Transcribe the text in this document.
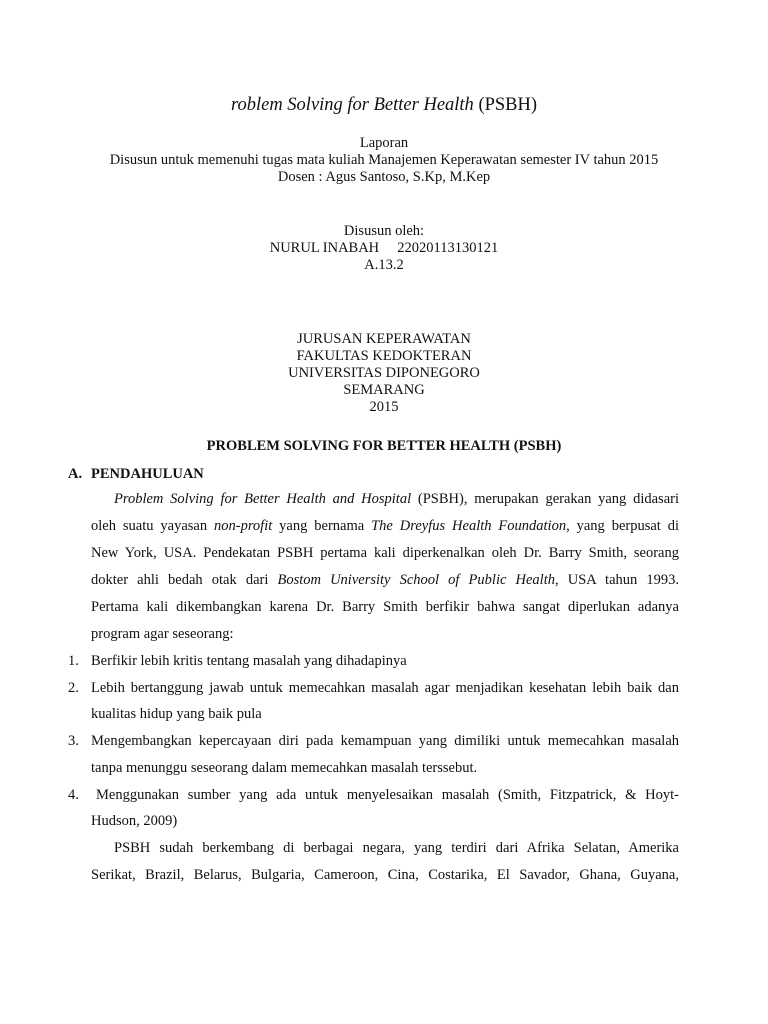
roblem Solving for Better Health (PSBH)
Laporan
Disusun untuk memenuhi tugas mata kuliah Manajemen Keperawatan semester IV tahun 2015
Dosen : Agus Santoso, S.Kp, M.Kep
Disusun oleh:
NURUL INABAH     22020113130121
A.13.2
JURUSAN KEPERAWATAN
FAKULTAS KEDOKTERAN
UNIVERSITAS DIPONEGORO
SEMARANG
2015
PROBLEM SOLVING FOR BETTER HEALTH (PSBH)
A. PENDAHULUAN
Problem Solving for Better Health and Hospital (PSBH), merupakan gerakan yang didasari
oleh suatu yayasan non-profit yang bernama The Dreyfus Health Foundation, yang berpusat di
New York, USA. Pendekatan PSBH pertama kali diperkenalkan oleh Dr. Barry Smith, seorang
dokter ahli bedah otak dari Bostom University School of Public Health, USA tahun 1993.
Pertama kali dikembangkan karena Dr. Barry Smith berfikir bahwa sangat diperlukan adanya
program agar seseorang:
1. Berfikir lebih kritis tentang masalah yang dihadapinya
2. Lebih bertanggung jawab untuk memecahkan masalah agar menjadikan kesehatan lebih baik dan
kualitas hidup yang baik pula
3. Mengembangkan kepercayaan diri pada kemampuan yang dimiliki untuk memecahkan masalah
tanpa menunggu seseorang dalam memecahkan masalah terssebut.
4. Menggunakan sumber yang ada untuk menyelesaikan masalah (Smith, Fitzpatrick, & Hoyt-
Hudson, 2009)
PSBH sudah berkembang di berbagai negara, yang terdiri dari Afrika Selatan, Amerika
Serikat, Brazil, Belarus, Bulgaria, Cameroon, Cina, Costarika, El Savador, Ghana, Guyana,
